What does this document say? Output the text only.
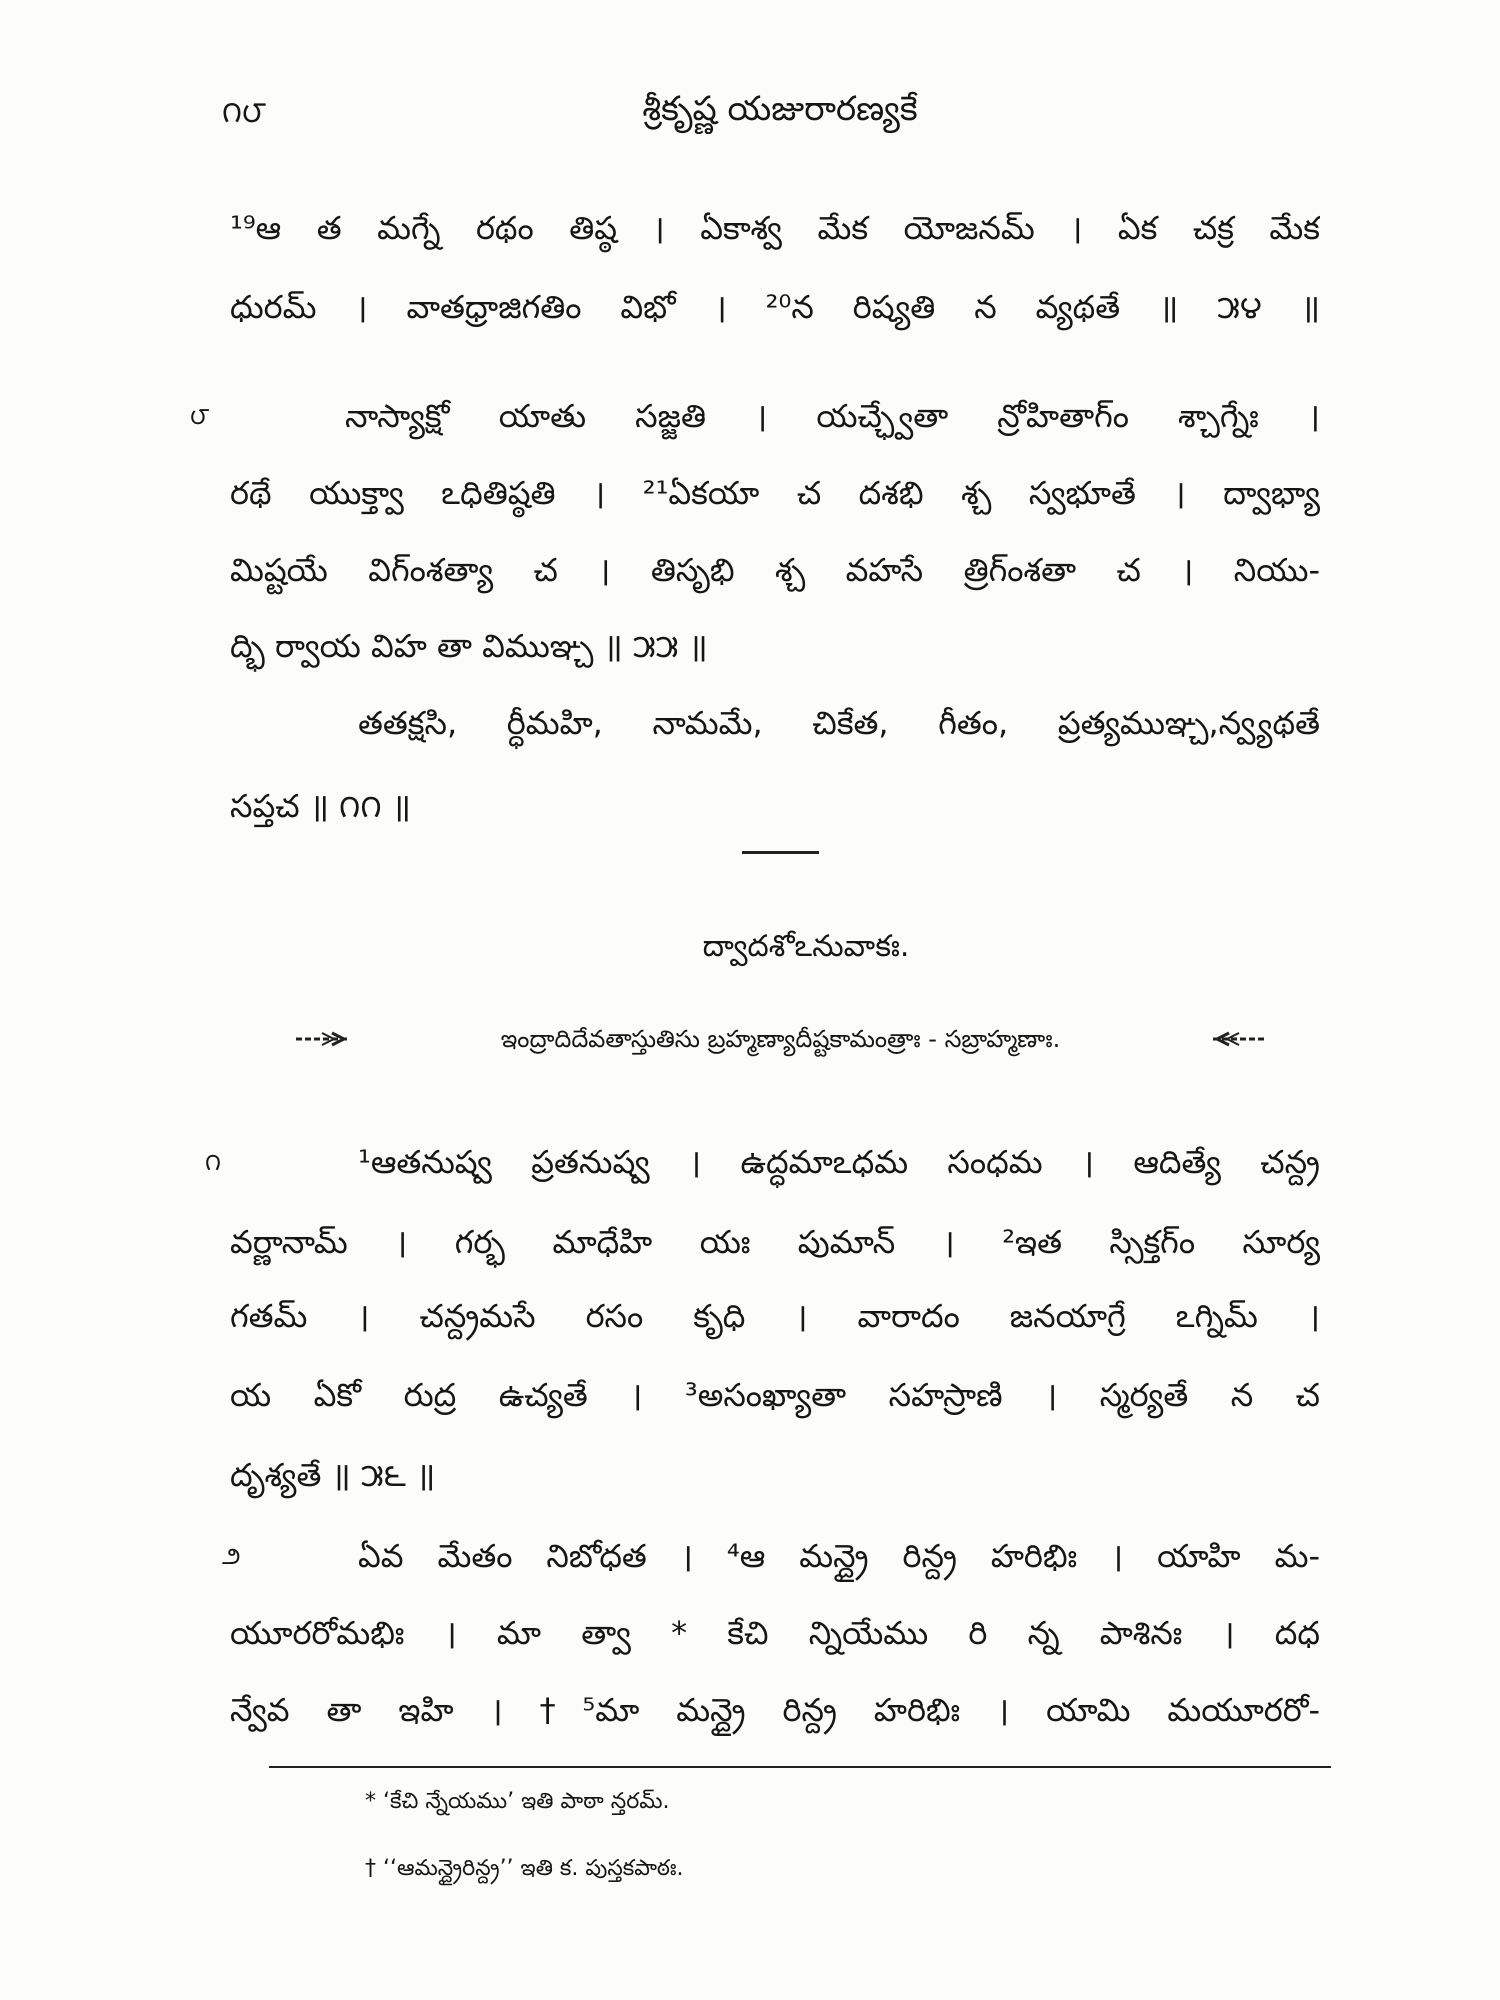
౧౮	శ్రీకృష్ణ యజురారణ్యకే
౮
¹⁹ఆ త మగ్నే రథం తిష్ఠ । ఏకాశ్వ మేక యోజనమ్ । ఏక చక్ర మేక
ధురమ్ । వాతధ్రాజిగతిం విభో । ²⁰న రిష్యతి న వ్యథతే ॥ ౫౪ ॥
నాస్యాక్షో యాతు సజ్జతి । యచ్ఛ్వేతా న్రోహితాగ్ం శ్చాగ్నేః ।
రథే యుక్త్వా ఽధితిష్ఠతి । ²¹ఏకయా చ దశభి శ్చ స్వభూతే । ద్వాభ్యా
మిష్టయే విగ్ంశత్యా చ । తిసృభి శ్చ వహసే త్రిగ్ంశతా చ । నియు-
ద్భి ర్వాయ విహ తా విముఞ్చ ॥ ౫౫ ॥
తతక్షసి, ర్ధీమహి, నామమే, చికేత, గీతం, ప్రత్యముఞ్చ,న్వ్యథతే
సప్తచ ॥ ౧౧ ॥
ద్వాదశోఽనువాకః.
ఇంద్రాదిదేవతాస్తుతిసు బ్రహ్మణ్యాదీష్టకామంత్రాః - సబ్రాహ్మణాః.
౧
౨
¹ఆతనుష్వ ప్రతనుష్వ । ఉద్ధమాఽధమ సంధమ । ఆదిత్యే చన్ద్ర
వర్ణానామ్ । గర్భ మాధేహి యః పుమాన్ । ²ఇత స్సిక్తగ్ం సూర్య
గతమ్ । చన్ద్రమసే రసం కృధి । వారాదం జనయాగ్రే ఽగ్నిమ్ ।
య ఏకో రుద్ర ఉచ్యతే । ³అసంఖ్యాతా సహస్రాణి । స్మర్యతే న చ
దృశ్యతే ॥ ౫౬ ॥
ఏవ మేతం నిబోధత । ⁴ఆ మన్ద్రై రిన్ద్ర హరిభిః । యాహి మ-
యూరరోమభిః । మా త్వా * కేచి న్నియేము రి న్న పాశినః । దధ
న్వేవ తా ఇహి । †⁵మా మన్ద్రై రిన్ద్ర హరిభిః । యామి మయూరరో-
* ‘కేచి న్నేయము’ ఇతి పాఠా న్తరమ్.
† ‘‘ఆమన్ద్రైరిన్ద్ర’’ ఇతి క. పుస్తకపాఠః.
